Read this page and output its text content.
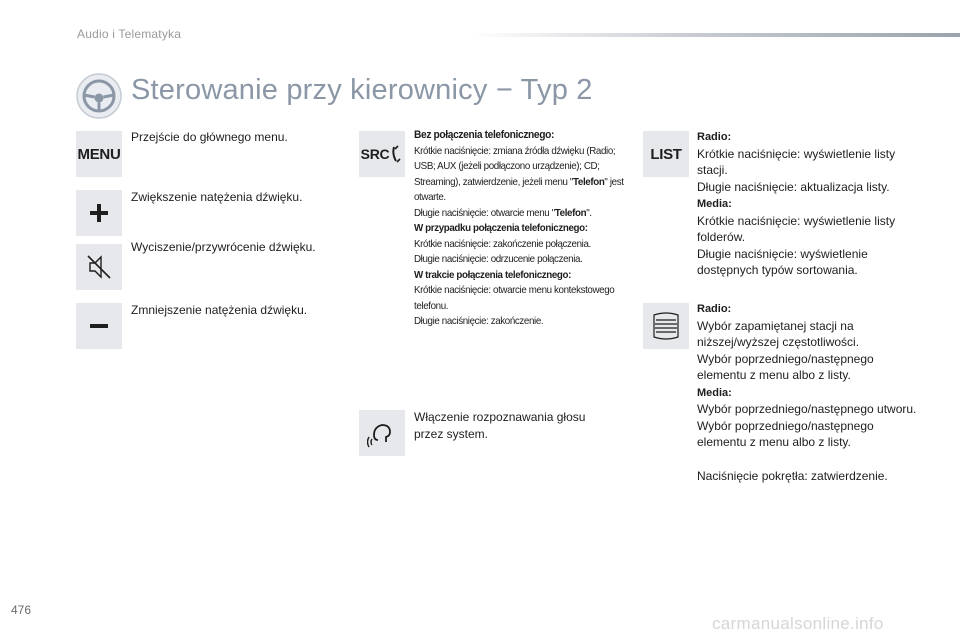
Audio i Telematyka
Sterowanie przy kierownicy − Typ 2
MENU
Przejście do głównego menu.
Zwiększenie natężenia dźwięku.
Wyciszenie/przywrócenie dźwięku.
Zmniejszenie natężenia dźwięku.
SRC
Bez połączenia telefonicznego:
Krótkie naciśnięcie: zmiana źródła dźwięku (Radio; USB; AUX (jeżeli podłączono urządzenie); CD; Streaming), zatwierdzenie, jeżeli menu "Telefon" jest otwarte.
Długie naciśnięcie: otwarcie menu "Telefon".
W przypadku połączenia telefonicznego:
Krótkie naciśnięcie: zakończenie połączenia.
Długie naciśnięcie: odrzucenie połączenia.
W trakcie połączenia telefonicznego:
Krótkie naciśnięcie: otwarcie menu kontekstowego telefonu.
Długie naciśnięcie: zakończenie.
Włączenie rozpoznawania głosu przez system.
LIST
Radio:
Krótkie naciśnięcie: wyświetlenie listy stacji.
Długie naciśnięcie: aktualizacja listy.
Media:
Krótkie naciśnięcie: wyświetlenie listy folderów.
Długie naciśnięcie: wyświetlenie dostępnych typów sortowania.
Radio:
Wybór zapamiętanej stacji na niższej/wyższej częstotliwości.
Wybór poprzedniego/następnego elementu z menu albo z listy.
Media:
Wybór poprzedniego/następnego utworu.
Wybór poprzedniego/następnego elementu z menu albo z listy.
Naciśnięcie pokrętła: zatwierdzenie.
476
carmanualsonline.info
